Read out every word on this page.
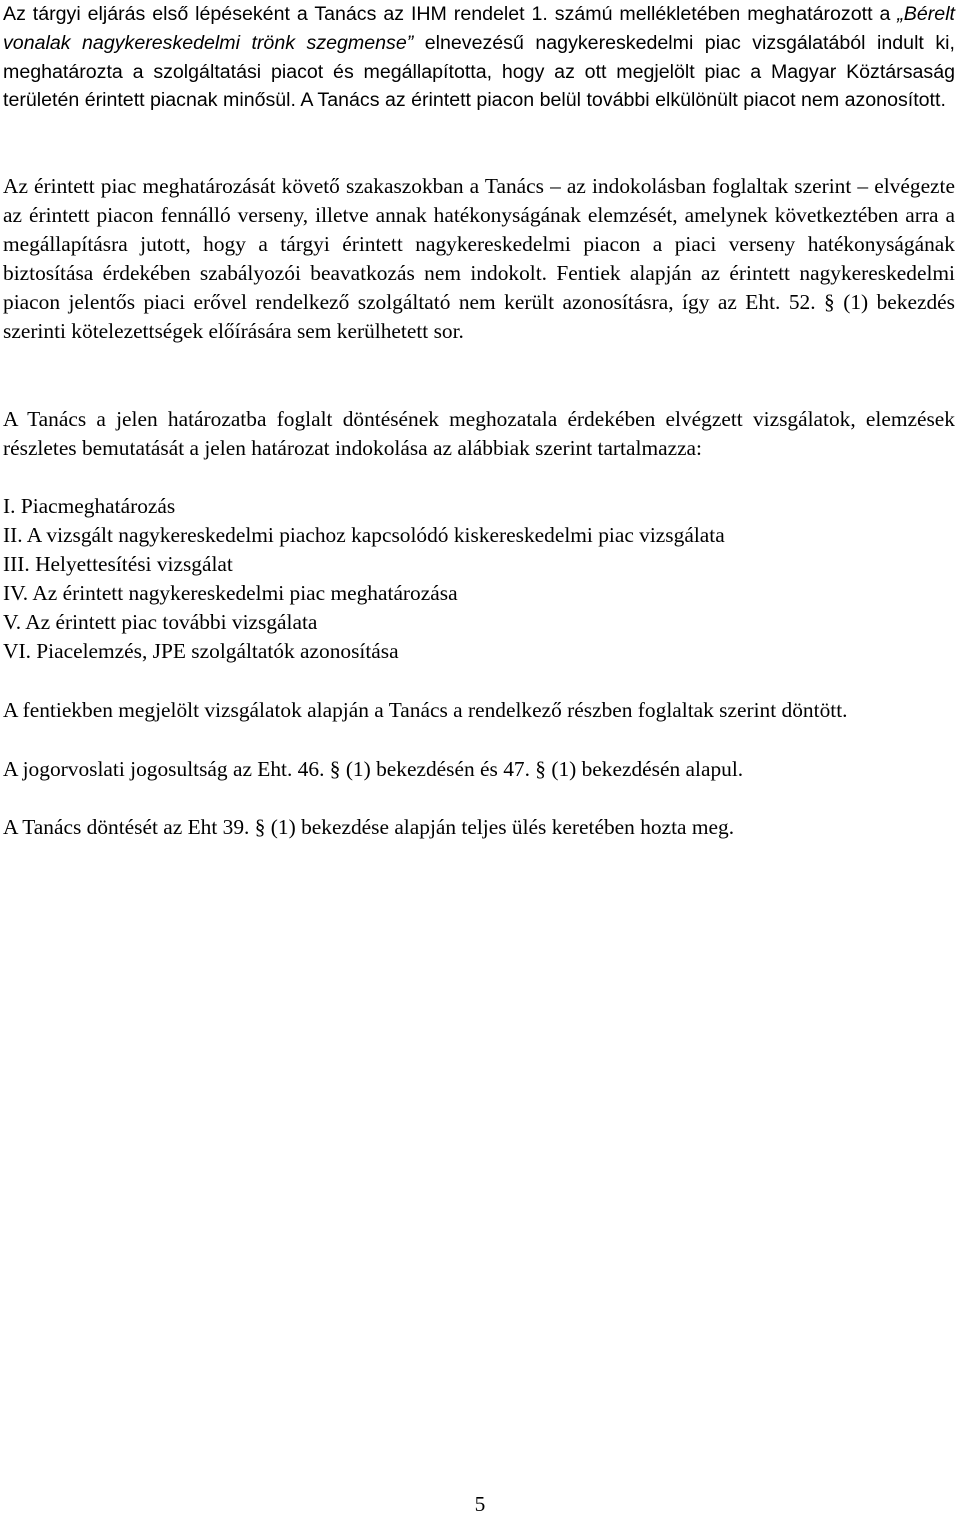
Az tárgyi eljárás első lépéseként a Tanács az IHM rendelet 1. számú mellékletében meghatározott a „Bérelt vonalak nagykereskedelmi trönk szegmense” elnevezésű nagykereskedelmi piac vizsgálatából indult ki, meghatározta a szolgáltatási piacot és megállapította, hogy az ott megjelölt piac a Magyar Köztársaság területén érintett piacnak minősül. A Tanács az érintett piacon belül további elkülönült piacot nem azonosított.

Az érintett piac meghatározását követő szakaszokban a Tanács – az indokolásban foglaltak szerint – elvégezte az érintett piacon fennálló verseny, illetve annak hatékonyságának elemzését, amelynek következtében arra a megállapításra jutott, hogy a tárgyi érintett nagykereskedelmi piacon a piaci verseny hatékonyságának biztosítása érdekében szabályozói beavatkozás nem indokolt. Fentiek alapján az érintett nagykereskedelmi piacon jelentős piaci erővel rendelkező szolgáltató nem került azonosításra, így az Eht. 52. § (1) bekezdés szerinti kötelezettségek előírására sem kerülhetett sor.

A Tanács a jelen határozatba foglalt döntésének meghozatala érdekében elvégzett vizsgálatok, elemzések részletes bemutatását a jelen határozat indokolása az alábbiak szerint tartalmazza:

I. Piacmeghatározás
II. A vizsgált nagykereskedelmi piachoz kapcsolódó kiskereskedelmi piac vizsgálata
III. Helyettesítési vizsgálat
IV. Az érintett nagykereskedelmi piac meghatározása
V. Az érintett piac további vizsgálata
VI. Piacelemzés, JPE szolgáltatók azonosítása

A fentiekben megjelölt vizsgálatok alapján a Tanács a rendelkező részben foglaltak szerint döntött.

A jogorvoslati jogosultság az Eht. 46. § (1) bekezdésén és 47. § (1) bekezdésén alapul.

A Tanács döntését az Eht 39. § (1) bekezdése alapján teljes ülés keretében hozta meg.

5
